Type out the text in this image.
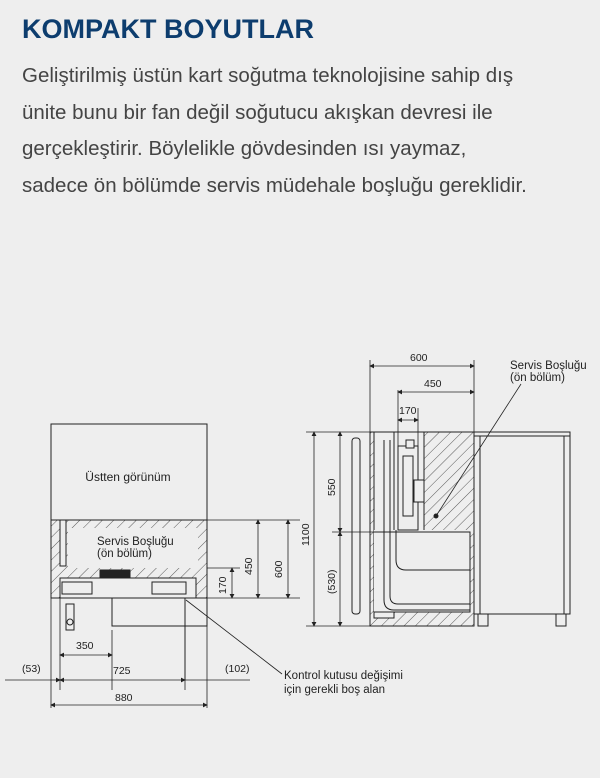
KOMPAKT BOYUTLAR
Geliştirilmiş üstün kart soğutma teknolojisine sahip dış
ünite bunu bir fan değil soğutucu akışkan devresi ile
gerçekleştirir. Böylelikle gövdesinden ısı yaymaz,
sadece ön bölümde servis müdehale boşluğu gereklidir.
Üstten görünüm
Servis Boşluğu
(ön bölüm)
(53)
350
725	(102)
880
170
450 600
600
450
170
1100
550
(530)
Servis Boşluğu
(ön bölüm)
Kontrol kutusu değişimi
için gerekli boş alan
